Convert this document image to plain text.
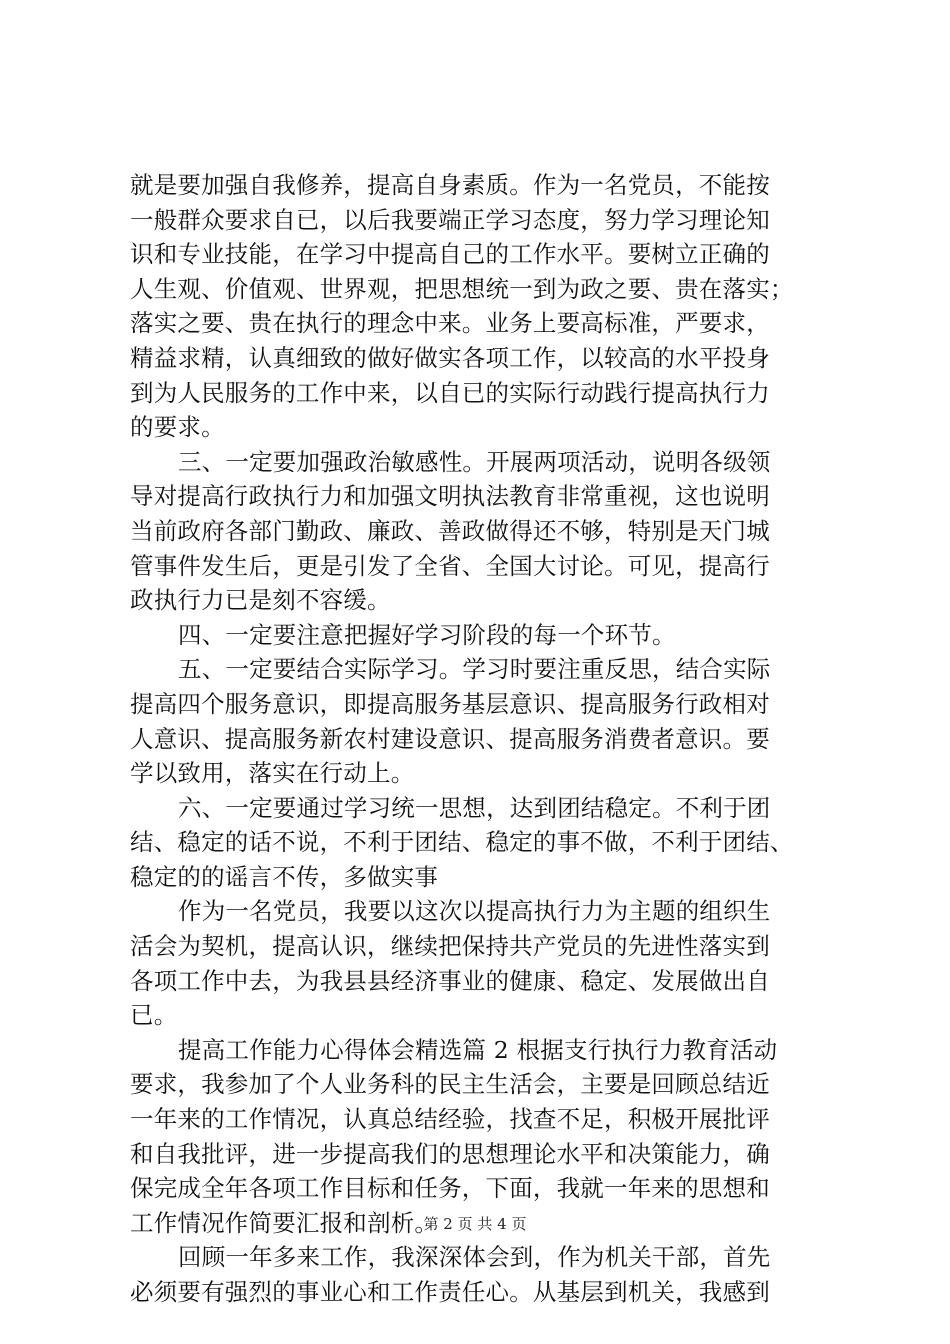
就是要加强自我修养，提高自身素质。作为一名党员，不能按
一般群众要求自已，以后我要端正学习态度，努力学习理论知
识和专业技能，在学习中提高自己的工作水平。要树立正确的
人生观、价值观、世界观，把思想统一到为政之要、贵在落实；
落实之要、贵在执行的理念中来。业务上要高标准，严要求，
精益求精，认真细致的做好做实各项工作，以较高的水平投身
到为人民服务的工作中来，以自已的实际行动践行提高执行力
的要求。
三、一定要加强政治敏感性。开展两项活动，说明各级领
导对提高行政执行力和加强文明执法教育非常重视，这也说明
当前政府各部门勤政、廉政、善政做得还不够，特别是天门城
管事件发生后，更是引发了全省、全国大讨论。可见，提高行
政执行力已是刻不容缓。
四、一定要注意把握好学习阶段的每一个环节。
五、一定要结合实际学习。学习时要注重反思，结合实际
提高四个服务意识，即提高服务基层意识、提高服务行政相对
人意识、提高服务新农村建设意识、提高服务消费者意识。要
学以致用，落实在行动上。
六、一定要通过学习统一思想，达到团结稳定。不利于团
结、稳定的话不说，不利于团结、稳定的事不做，不利于团结、
稳定的的谣言不传，多做实事
作为一名党员，我要以这次以提高执行力为主题的组织生
活会为契机，提高认识，继续把保持共产党员的先进性落实到
各项工作中去，为我县县经济事业的健康、稳定、发展做出自
已。
提高工作能力心得体会精选篇 2 根据支行执行力教育活动
要求，我参加了个人业务科的民主生活会，主要是回顾总结近
一年来的工作情况，认真总结经验，找查不足，积极开展批评
和自我批评，进一步提高我们的思想理论水平和决策能力，确
保完成全年各项工作目标和任务，下面，我就一年来的思想和
工作情况作简要汇报和剖析。
回顾一年多来工作，我深深体会到，作为机关干部，首先
必须要有强烈的事业心和工作责任心。从基层到机关，我感到
第 2 页 共 4 页
